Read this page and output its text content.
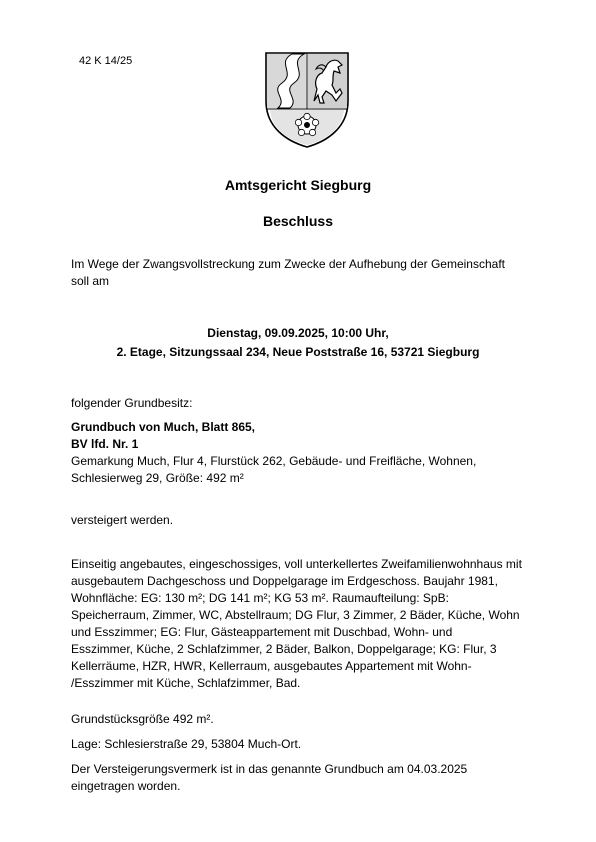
42 K 14/25
Amtsgericht Siegburg
Beschluss
Im Wege der Zwangsvollstreckung zum Zwecke der Aufhebung der Gemeinschaft
soll am
Dienstag, 09.09.2025, 10:00 Uhr,
2. Etage, Sitzungssaal 234, Neue Poststraße 16, 53721 Siegburg
folgender Grundbesitz:
Grundbuch von Much, Blatt 865,
BV lfd. Nr. 1
Gemarkung Much, Flur 4, Flurstück 262, Gebäude- und Freifläche, Wohnen,
Schlesierweg 29, Größe: 492 m²
versteigert werden.
Einseitig angebautes, eingeschossiges, voll unterkellertes Zweifamilienwohnhaus mit
ausgebautem Dachgeschoss und Doppelgarage im Erdgeschoss. Baujahr 1981,
Wohnfläche: EG: 130 m²; DG 141 m²; KG 53 m². Raumaufteilung: SpB:
Speicherraum, Zimmer, WC, Abstellraum; DG Flur, 3 Zimmer, 2 Bäder, Küche, Wohn
und Esszimmer; EG: Flur, Gästeappartement mit Duschbad, Wohn- und
Esszimmer, Küche, 2 Schlafzimmer, 2 Bäder, Balkon, Doppelgarage; KG: Flur, 3
Kellerräume, HZR, HWR, Kellerraum, ausgebautes Appartement mit Wohn-
/Esszimmer mit Küche, Schlafzimmer, Bad.
Grundstücksgröße 492 m².
Lage: Schlesierstraße 29, 53804 Much-Ort.
Der Versteigerungsvermerk ist in das genannte Grundbuch am 04.03.2025
eingetragen worden.
